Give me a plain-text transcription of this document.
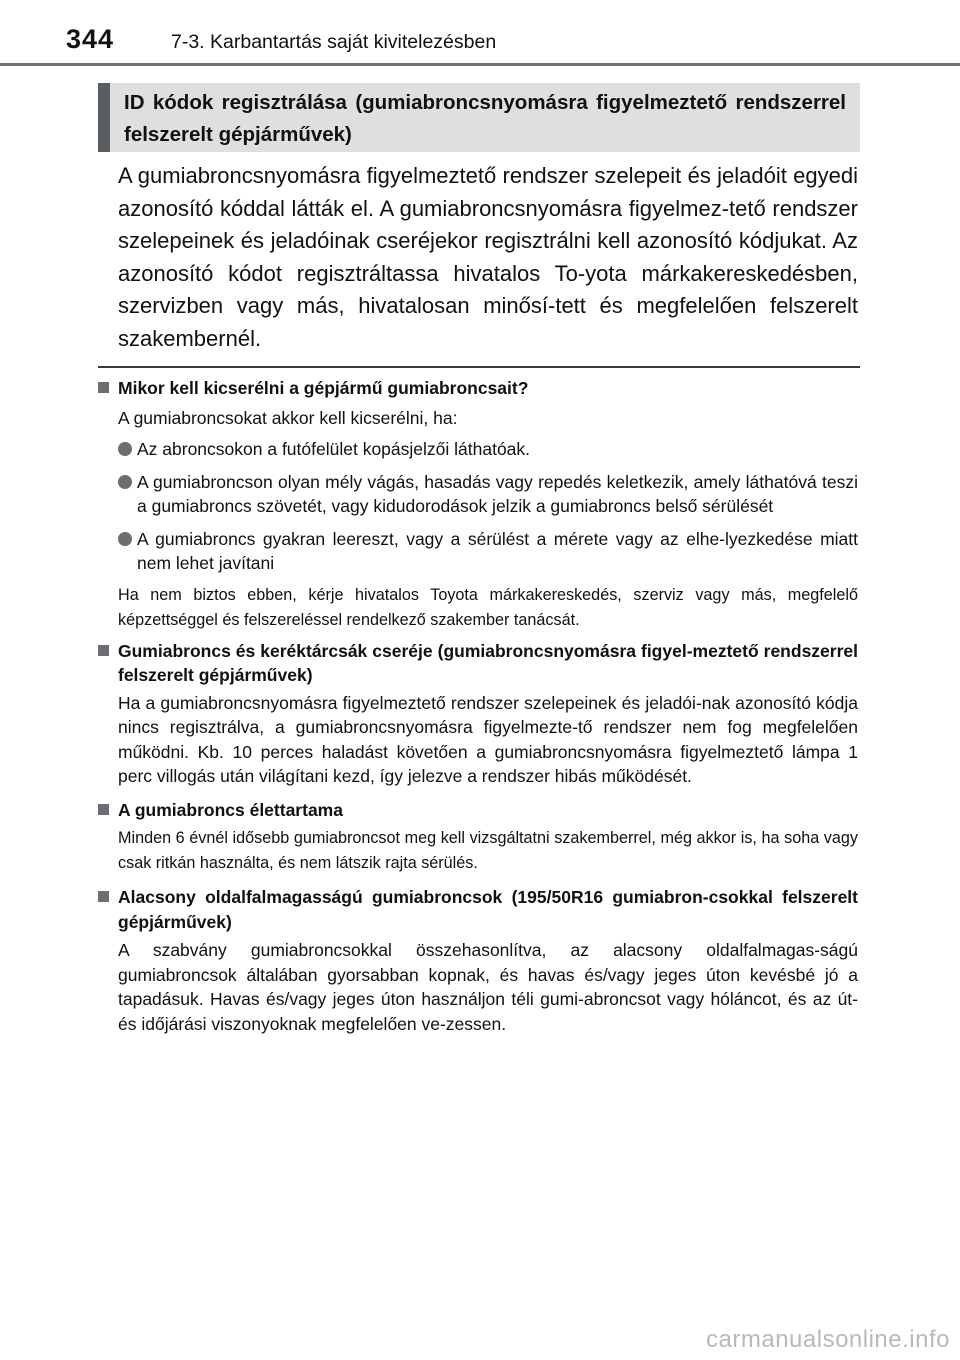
344	7-3. Karbantartás saját kivitelezésben

ID kódok regisztrálása (gumiabroncsnyomásra figyelmeztető rendszerrel felszerelt gépjárművek)

A gumiabroncsnyomásra figyelmeztető rendszer szelepeit és jeladóit egyedi azonosító kóddal látták el. A gumiabroncsnyomásra figyelmez-tető rendszer szelepeinek és jeladóinak cseréjekor regisztrálni kell azonosító kódjukat. Az azonosító kódot regisztráltassa hivatalos To-yota márkakereskedésben, szervizben vagy más, hivatalosan minősí-tett és megfelelően felszerelt szakembernél.

Mikor kell kicserélni a gépjármű gumiabroncsait?

A gumiabroncsokat akkor kell kicserélni, ha:

Az abroncsokon a futófelület kopásjelzői láthatóak.

A gumiabroncson olyan mély vágás, hasadás vagy repedés keletkezik, amely láthatóvá teszi a gumiabroncs szövetét, vagy kidudorodások jelzik a gumiabroncs belső sérülését

A gumiabroncs gyakran leereszt, vagy a sérülést a mérete vagy az elhe-lyezkedése miatt nem lehet javítani

Ha nem biztos ebben, kérje hivatalos Toyota márkakereskedés, szerviz vagy más, megfelelő képzettséggel és felszereléssel rendelkező szakember tanácsát.

Gumiabroncs és keréktárcsák cseréje (gumiabroncsnyomásra figyel-meztető rendszerrel felszerelt gépjárművek)

Ha a gumiabroncsnyomásra figyelmeztető rendszer szelepeinek és jeladói-nak azonosító kódja nincs regisztrálva, a gumiabroncsnyomásra figyelmezte-tő rendszer nem fog megfelelően működni. Kb. 10 perces haladást követően a gumiabroncsnyomásra figyelmeztető lámpa 1 perc villogás után világítani kezd, így jelezve a rendszer hibás működését.

A gumiabroncs élettartama

Minden 6 évnél idősebb gumiabroncsot meg kell vizsgáltatni szakemberrel, még akkor is, ha soha vagy csak ritkán használta, és nem látszik rajta sérülés.

Alacsony oldalfalmagasságú gumiabroncsok (195/50R16 gumiabron-csokkal felszerelt gépjárművek)

A szabvány gumiabroncsokkal összehasonlítva, az alacsony oldalfalmagas-ságú gumiabroncsok általában gyorsabban kopnak, és havas és/vagy jeges úton kevésbé jó a tapadásuk. Havas és/vagy jeges úton használjon téli gumi-abroncsot vagy hóláncot, és az út- és időjárási viszonyoknak megfelelően ve-zessen.

carmanualsonline.info
